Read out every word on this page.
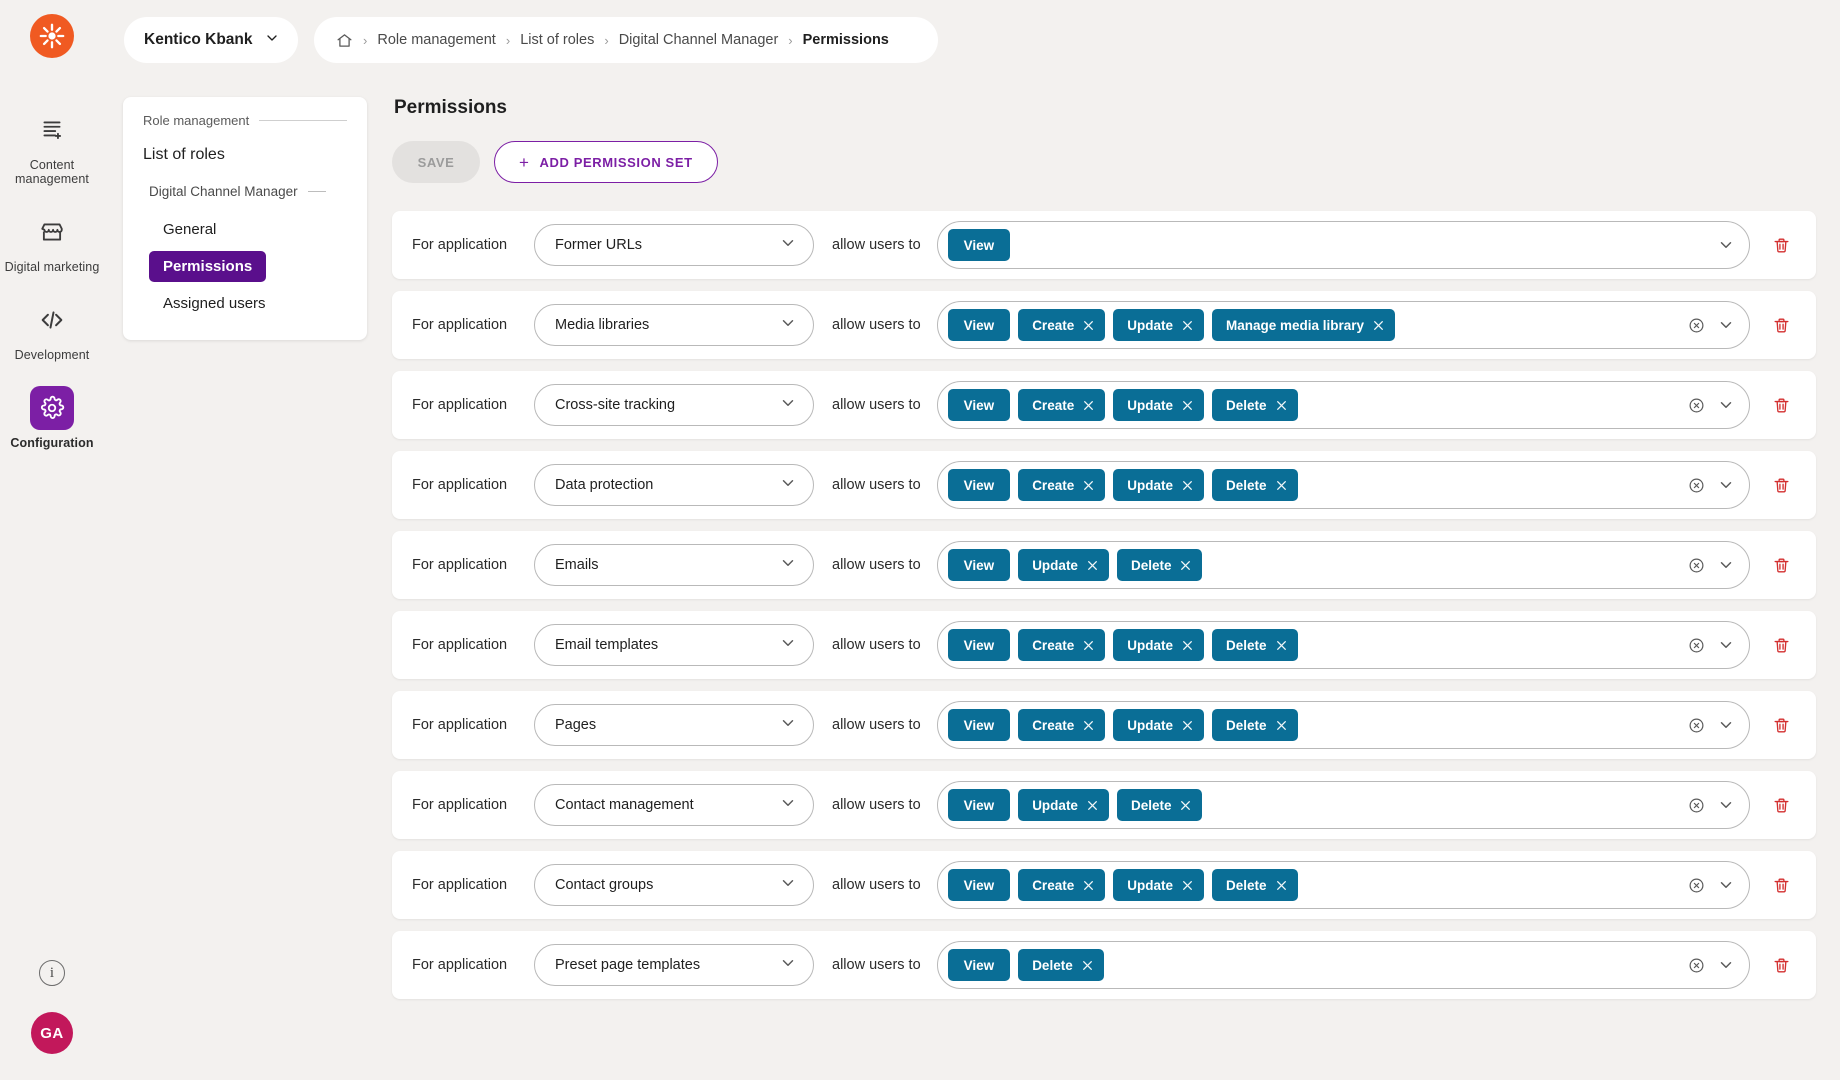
Content management
Digital marketing
Development
Configuration
i
GA
Kentico Kbank	› Role management › List of roles › Digital Channel Manager › Permissions
Role management
List of roles
Digital Channel Manager
General
Permissions
Assigned users
Permissions
SAVE	+ ADD PERMISSION SET
For application	Former URLs	allow users to	View
For application	Media libraries	allow users to	View	Create	Update	Manage media library
For application	Cross-site tracking	allow users to	View	Create	Update	Delete
For application	Data protection	allow users to	View	Create	Update	Delete
For application	Emails	allow users to	View	Update	Delete
For application	Email templates	allow users to	View	Create	Update	Delete
For application	Pages	allow users to	View	Create	Update	Delete
For application	Contact management	allow users to	View	Update	Delete
For application	Contact groups	allow users to	View	Create	Update	Delete
For application	Preset page templates	allow users to	View	Delete
